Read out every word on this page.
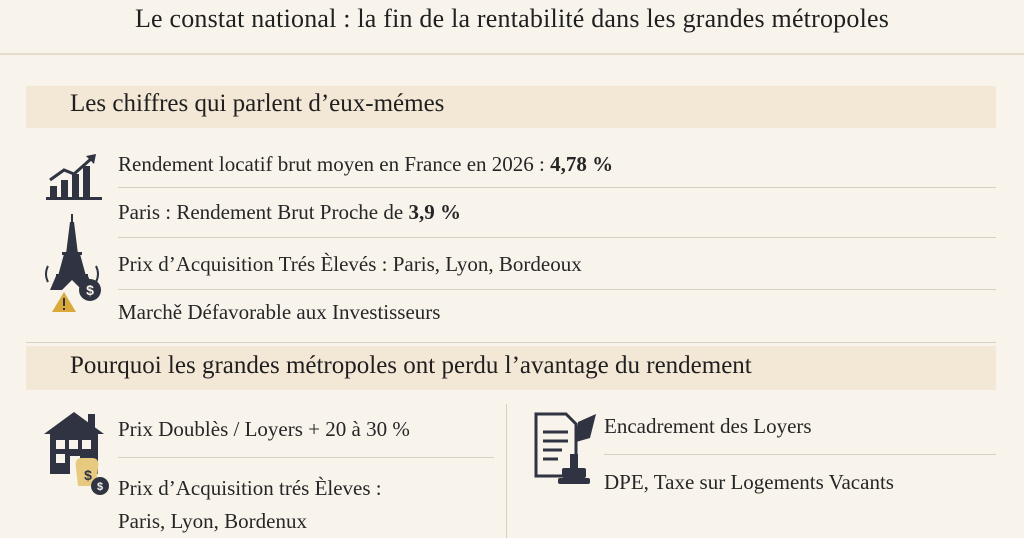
Le constat national : la fin de la rentabilité dans les grandes métropoles
Les chiffres qui parlent d’eux-mémes
Rendement locatif brut moyen en France en 2026 : 4,78 %
Paris : Rendement Brut Proche de 3,9 %
$
Prix d’Acquisition Trés Èlevés : Paris, Lyon, Bordeoux
Marchě Défavorable aux Investisseurs
Pourquoi les grandes métropoles ont perdu l’avantage du rendement
$
$
Prix Doublès / Loyers + 20 à 30 %
Prix d’Acquisition trés Èleves :
Paris, Lyon, Bordenux
Encadrement des Loyers
DPE, Taxe sur Logements Vacants
